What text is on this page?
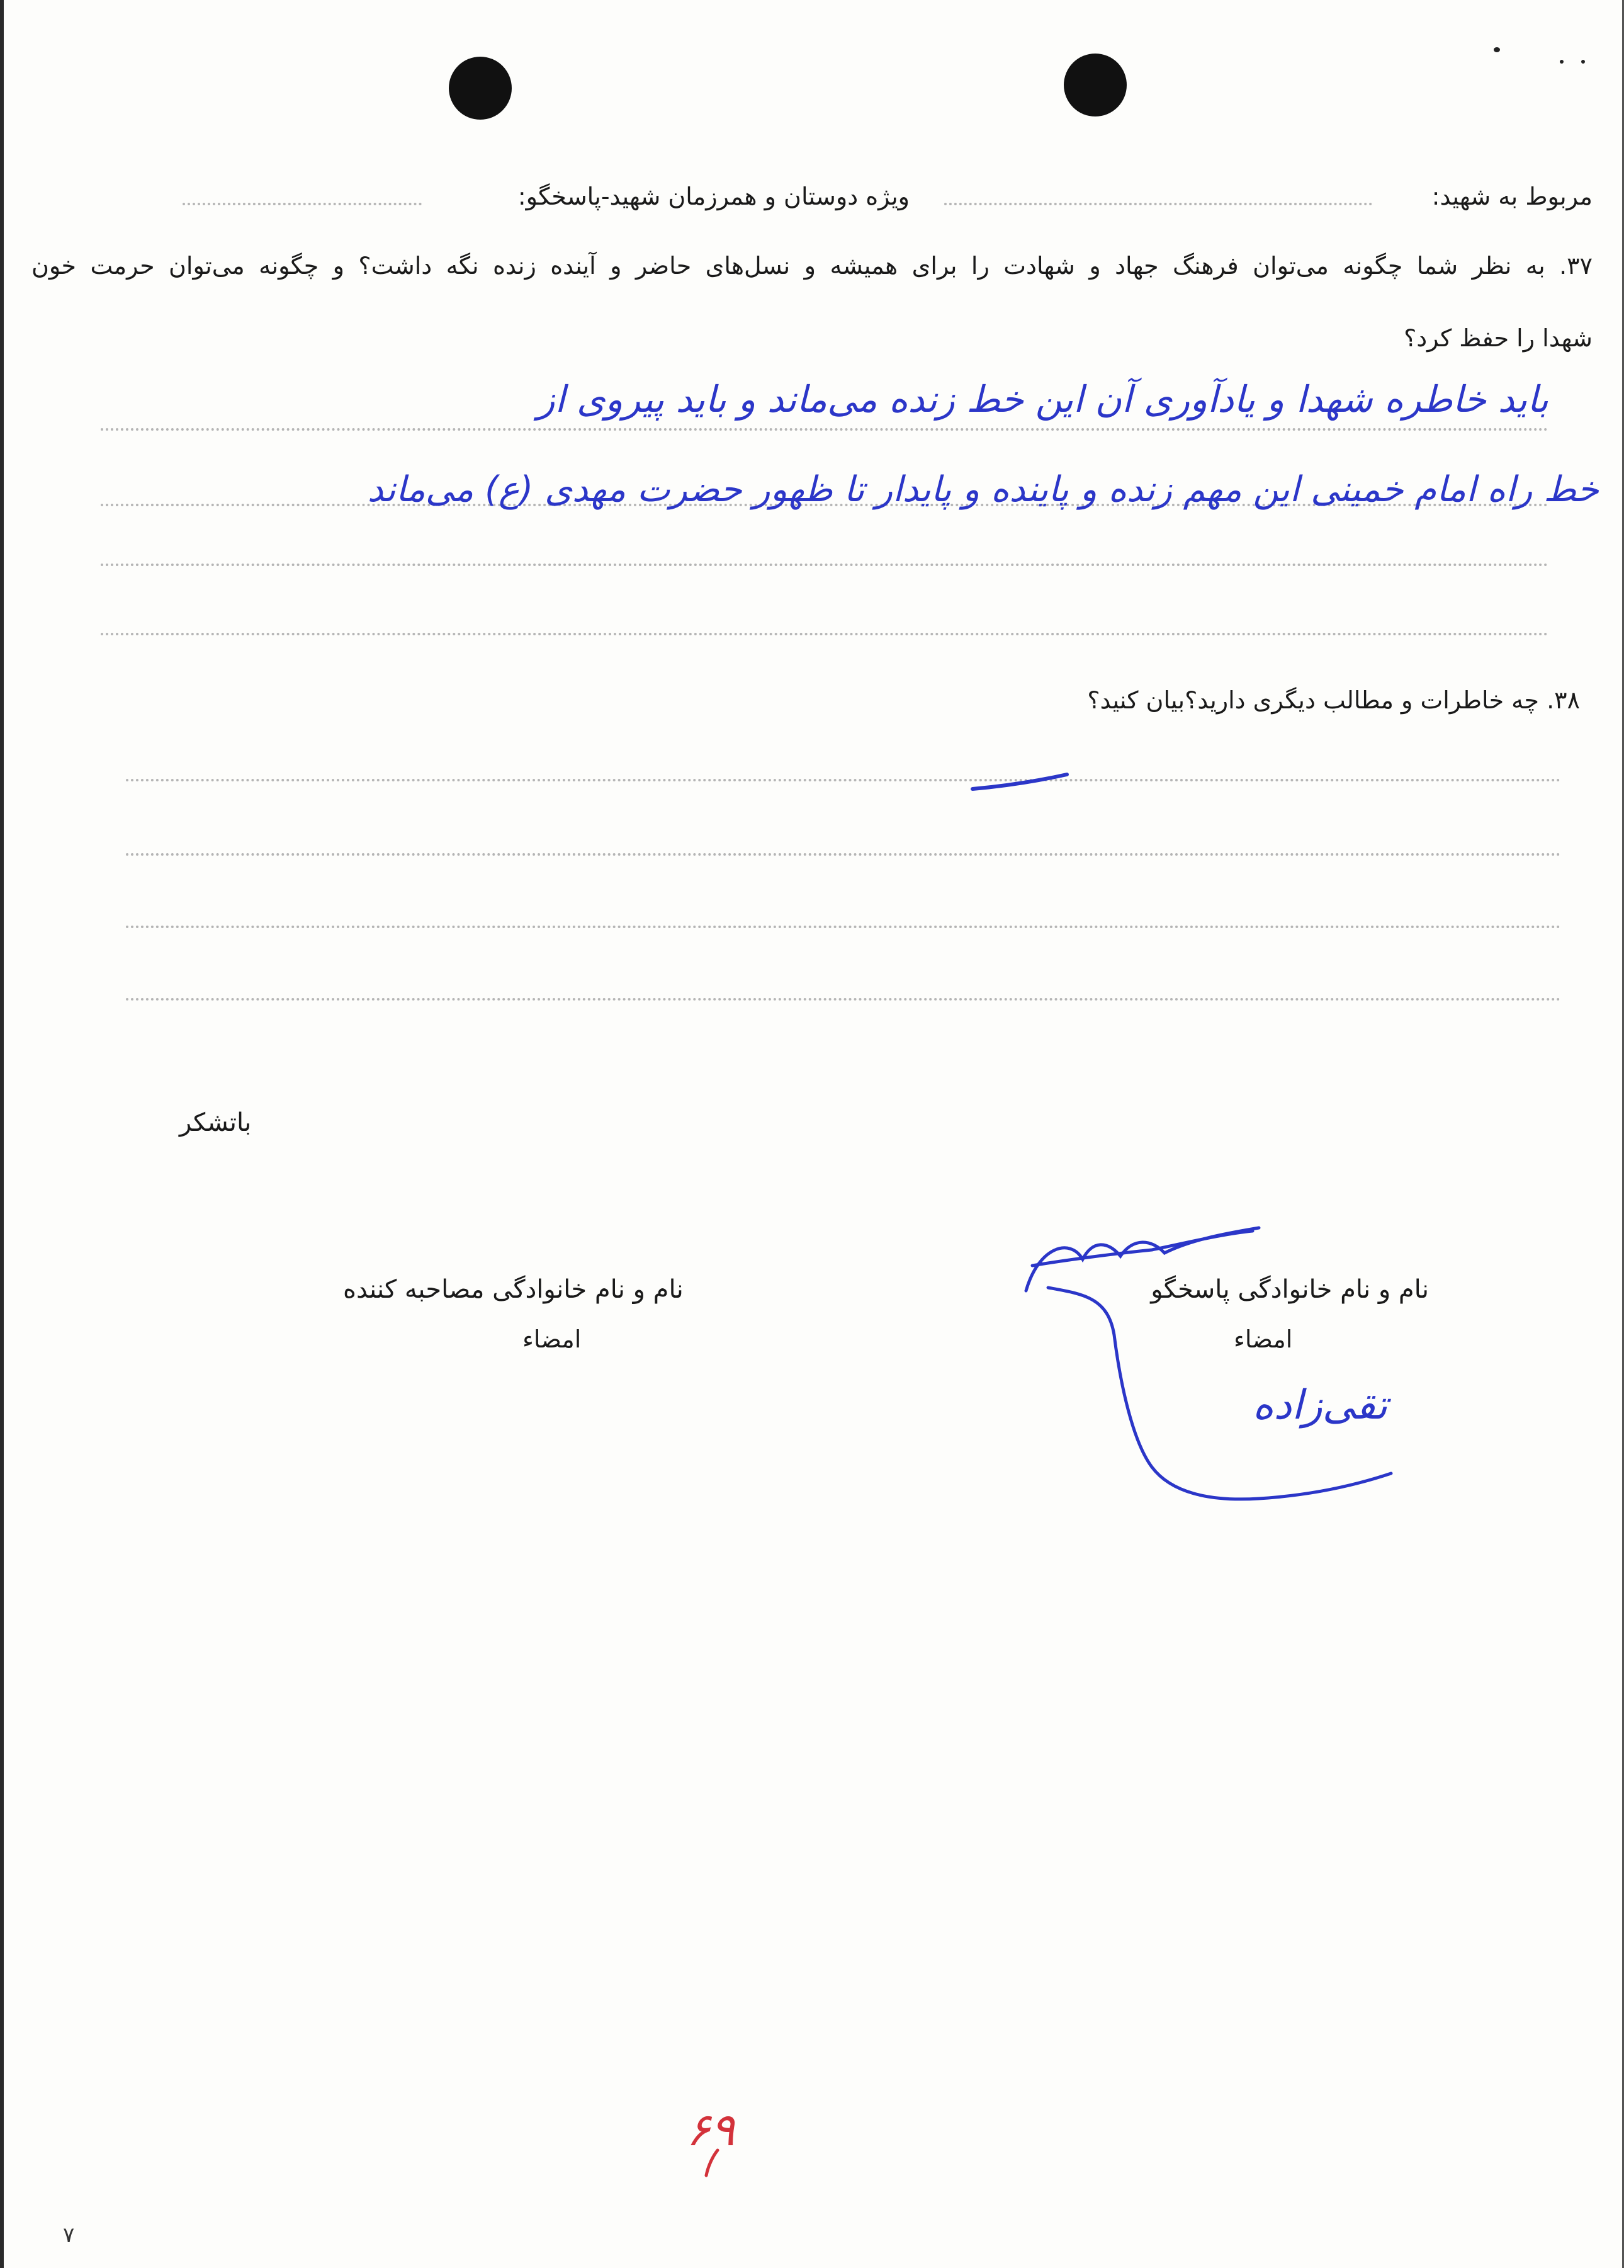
مربوط به شهید:
ویژه دوستان و همرزمان شهید-پاسخگو:
۳۷. به نظر شما چگونه می‌توان فرهنگ جهاد و شهادت را برای همیشه و نسل‌های حاضر و آینده زنده نگه داشت؟ و چگونه می‌توان حرمت خون
شهدا را حفظ کرد؟
باید خاطره شهدا و یادآوری آن این خط زنده می‌ماند و باید پیروی از
خط راه امام خمینی این مهم زنده و پاینده و پایدار تا ظهور حضرت مهدی (ع) می‌ماند
۳۸. چه خاطرات و مطالب دیگری دارید؟بیان کنید؟
باتشکر
نام و نام خانوادگی پاسخگو
امضاء
نام و نام خانوادگی مصاحبه کننده
امضاء
تقی‌زاده
۶۹
۷
